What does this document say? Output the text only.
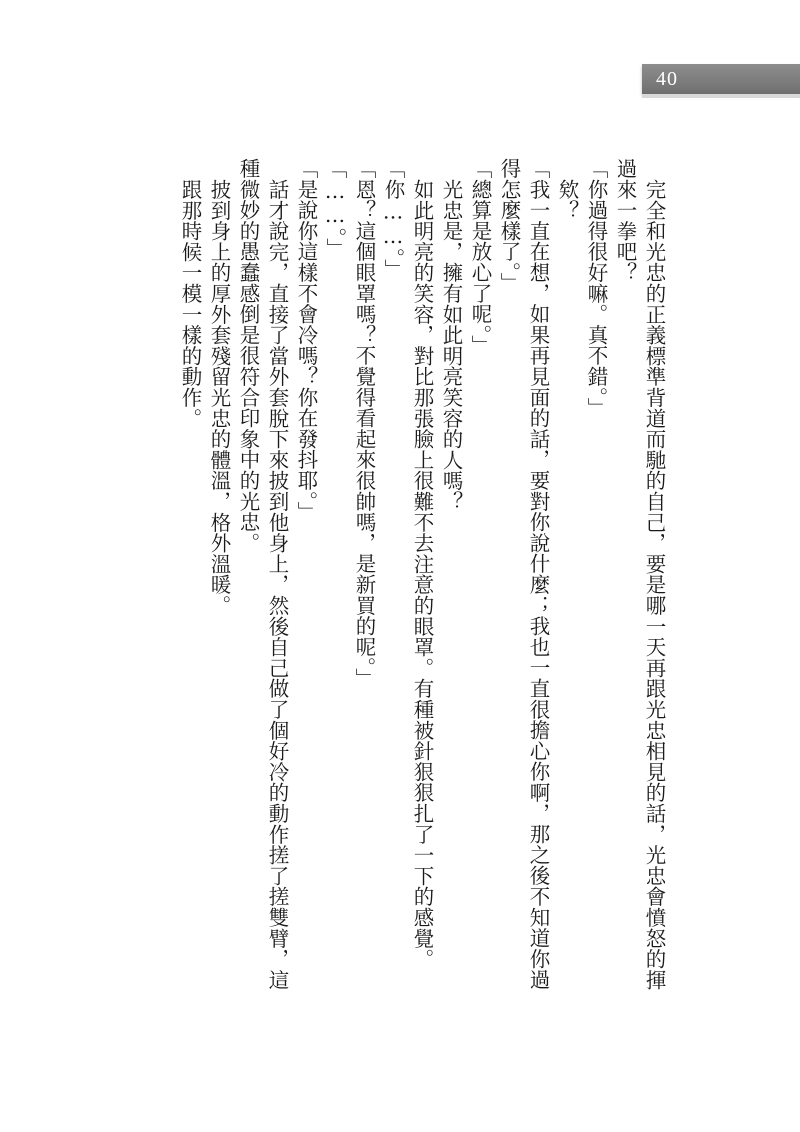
40

完全和光忠的正義標準背道而馳的自己，要是哪一天再跟光忠相見的話，光忠會憤怒的揮過來一拳吧？

「你過得很好嘛。真不錯。」

欸？

「我一直在想，如果再見面的話，要對你說什麼；我也一直很擔心你啊，那之後不知道你過得怎麼樣了。」

「總算是放心了呢。」

光忠是，擁有如此明亮笑容的人嗎？

如此明亮的笑容，對比那張臉上很難不去注意的眼罩。有種被針狠狠扎了一下的感覺。

「你……。」

「恩？這個眼罩嗎？不覺得看起來很帥嗎，是新買的呢。」

「……。」

「是說你這樣不會冷嗎？你在發抖耶。」

話才說完，直接了當外套脫下來披到他身上，然後自己做了個好冷的動作搓了搓雙臂，這種微妙的愚蠢感倒是很符合印象中的光忠。

披到身上的厚外套殘留光忠的體溫，格外溫暖。

跟那時候一模一樣的動作。
